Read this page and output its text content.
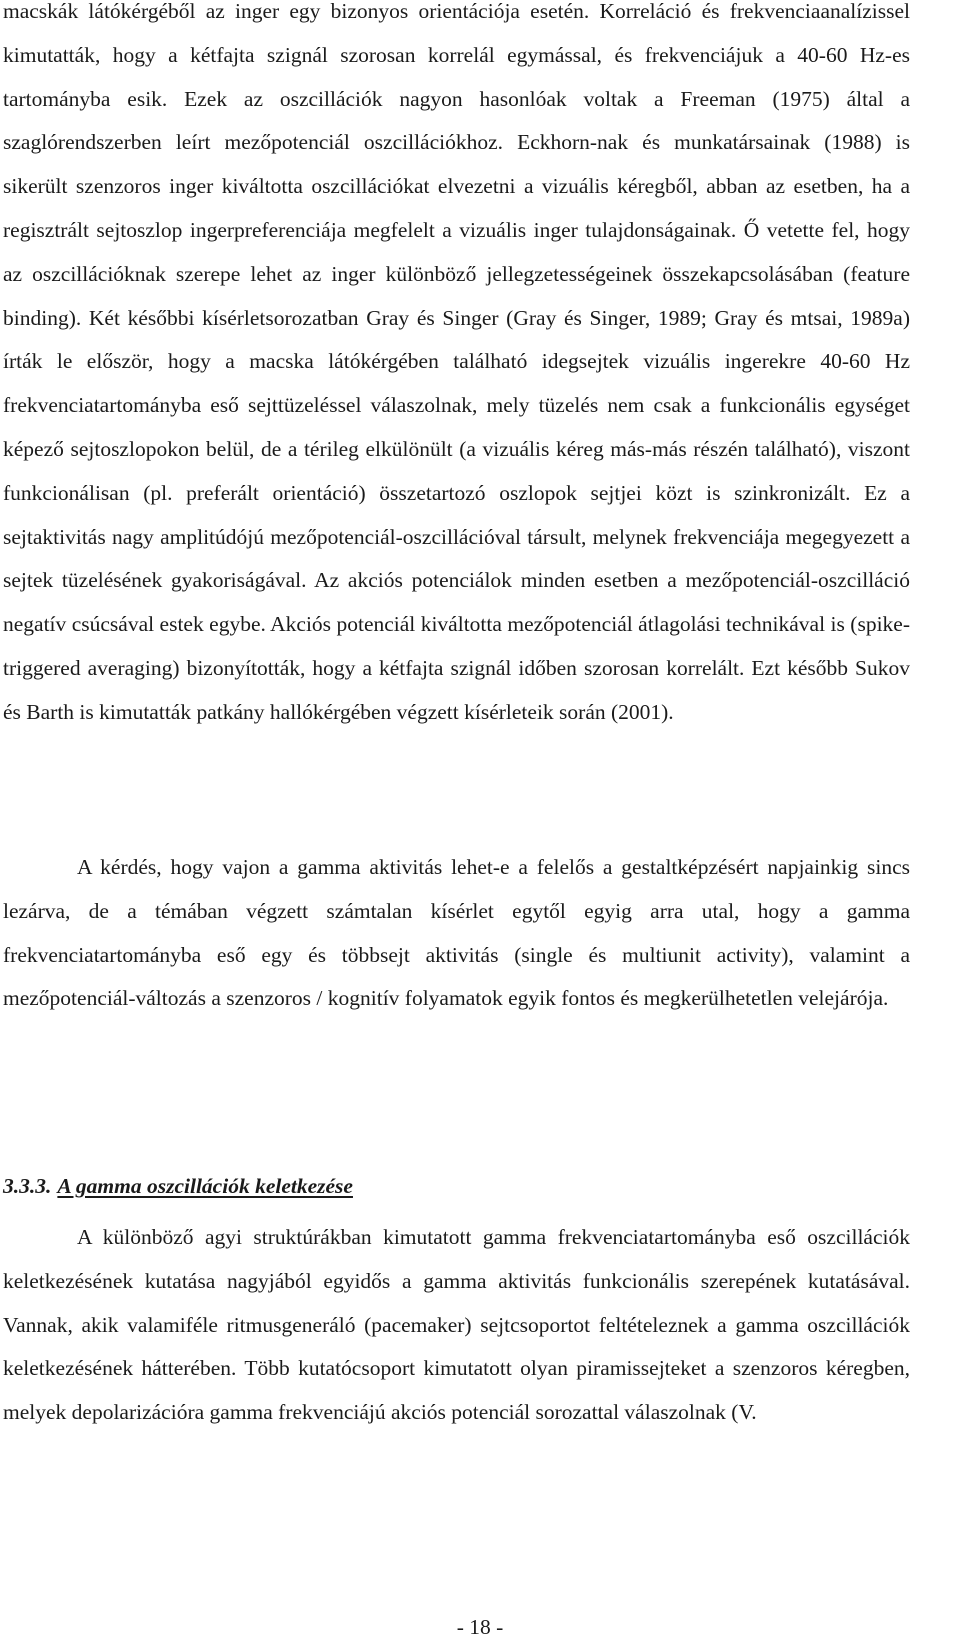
macskák látókérgéből az inger egy bizonyos orientációja esetén. Korreláció és frekvenciaanalízissel kimutatták, hogy a kétfajta szignál szorosan korrelál egymással, és frekvenciájuk a 40-60 Hz-es tartományba esik. Ezek az oszcillációk nagyon hasonlóak voltak a Freeman (1975) által a szaglórendszerben leírt mezőpotenciál oszcillációkhoz. Eckhorn-nak és munkatársainak (1988) is sikerült szenzoros inger kiváltotta oszcillációkat elvezetni a vizuális kéregből, abban az esetben, ha a regisztrált sejtoszlop ingerpreferenciája megfelelt a vizuális inger tulajdonságainak. Ő vetette fel, hogy az oszcillációknak szerepe lehet az inger különböző jellegzetességeinek összekapcsolásában (feature binding). Két későbbi kísérletsorozatban Gray és Singer (Gray és Singer, 1989; Gray és mtsai, 1989a) írták le először, hogy a macska látókérgében található idegsejtek vizuális ingerekre 40-60 Hz frekvenciatartományba eső sejttüzeléssel válaszolnak, mely tüzelés nem csak a funkcionális egységet képező sejtoszlopokon belül, de a térileg elkülönült (a vizuális kéreg más-más részén található), viszont funkcionálisan (pl. preferált orientáció) összetartozó oszlopok sejtjei közt is szinkronizált. Ez a sejtaktivitás nagy amplitúdójú mezőpotenciál-oszcillációval társult, melynek frekvenciája megegyezett a sejtek tüzelésének gyakoriságával. Az akciós potenciálok minden esetben a mezőpotenciál-oszcilláció negatív csúcsával estek egybe. Akciós potenciál kiváltotta mezőpotenciál átlagolási technikával is (spike-triggered averaging) bizonyították, hogy a kétfajta szignál időben szorosan korrelált. Ezt később Sukov és Barth is kimutatták patkány hallókérgében végzett kísérleteik során (2001).

A kérdés, hogy vajon a gamma aktivitás lehet-e a felelős a gestaltképzésért napjainkig sincs lezárva, de a témában végzett számtalan kísérlet egytől egyig arra utal, hogy a gamma frekvenciatartományba eső egy és többsejt aktivitás (single és multiunit activity), valamint a mezőpotenciál-változás a szenzoros / kognitív folyamatok egyik fontos és megkerülhetetlen velejárója.

3.3.3. A gamma oszcillációk keletkezése

A különböző agyi struktúrákban kimutatott gamma frekvenciatartományba eső oszcillációk keletkezésének kutatása nagyjából egyidős a gamma aktivitás funkcionális szerepének kutatásával. Vannak, akik valamiféle ritmusgeneráló (pacemaker) sejtcsoportot feltételeznek a gamma oszcillációk keletkezésének hátterében. Több kutatócsoport kimutatott olyan piramissejteket a szenzoros kéregben, melyek depolarizációra gamma frekvenciájú akciós potenciál sorozattal válaszolnak (V.

- 18 -
